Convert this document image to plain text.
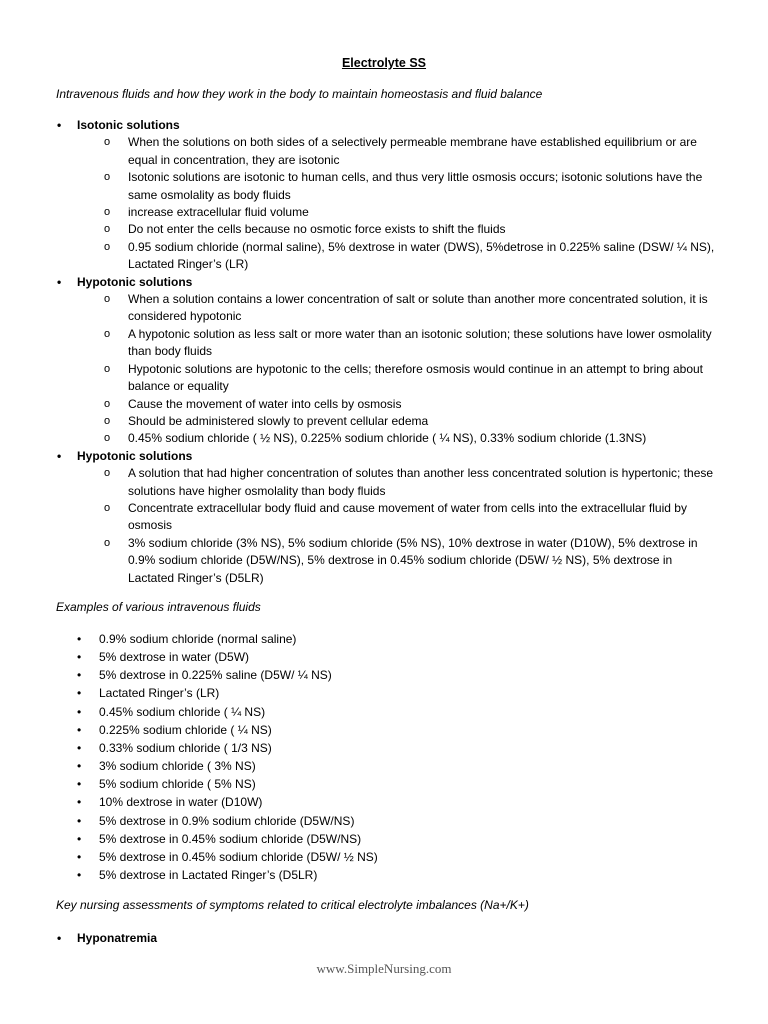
Electrolyte SS
Intravenous fluids and how they work in the body to maintain homeostasis and fluid balance
• Isotonic solutions
o When the solutions on both sides of a selectively permeable membrane have established equilibrium or are equal in concentration, they are isotonic
o Isotonic solutions are isotonic to human cells, and thus very little osmosis occurs; isotonic solutions have the same osmolality as body fluids
o increase extracellular fluid volume
o Do not enter the cells because no osmotic force exists to shift the fluids
o 0.95 sodium chloride (normal saline), 5% dextrose in water (DWS), 5%detrose in 0.225% saline (DSW/ ¼ NS), Lactated Ringer’s (LR)
• Hypotonic solutions
o When a solution contains a lower concentration of salt or solute than another more concentrated solution, it is considered hypotonic
o A hypotonic solution as less salt or more water than an isotonic solution; these solutions have lower osmolality than body fluids
o Hypotonic solutions are hypotonic to the cells; therefore osmosis would continue in an attempt to bring about balance or equality
o Cause the movement of water into cells by osmosis
o Should be administered slowly to prevent cellular edema
o 0.45% sodium chloride ( ½ NS), 0.225% sodium chloride ( ¼ NS), 0.33% sodium chloride (1.3NS)
• Hypotonic solutions
o A solution that had higher concentration of solutes than another less concentrated solution is hypertonic; these solutions have higher osmolality than body fluids
o Concentrate extracellular body fluid and cause movement of water from cells into the extracellular fluid by osmosis
o 3% sodium chloride (3% NS), 5% sodium chloride (5% NS), 10% dextrose in water (D10W), 5% dextrose in 0.9% sodium chloride (D5W/NS), 5% dextrose in 0.45% sodium chloride (D5W/ ½ NS), 5% dextrose in Lactated Ringer’s (D5LR)
Examples of various intravenous fluids
• 0.9% sodium chloride (normal saline)
• 5% dextrose in water (D5W)
• 5% dextrose in 0.225% saline (D5W/ ¼ NS)
• Lactated Ringer’s (LR)
• 0.45% sodium chloride ( ¼ NS)
• 0.225% sodium chloride ( ¼ NS)
• 0.33% sodium chloride ( 1/3 NS)
• 3% sodium chloride ( 3% NS)
• 5% sodium chloride ( 5% NS)
• 10% dextrose in water (D10W)
• 5% dextrose in 0.9% sodium chloride (D5W/NS)
• 5% dextrose in 0.45% sodium chloride (D5W/NS)
• 5% dextrose in 0.45% sodium chloride (D5W/ ½ NS)
• 5% dextrose in Lactated Ringer’s (D5LR)
Key nursing assessments of symptoms related to critical electrolyte imbalances (Na+/K+)
• Hyponatremia
www.SimpleNursing.com
